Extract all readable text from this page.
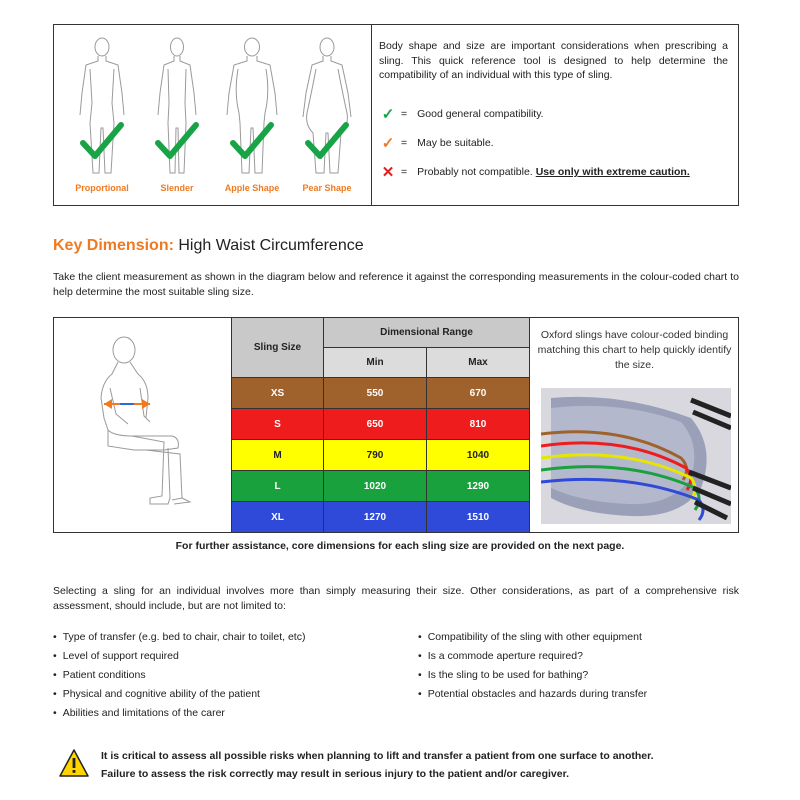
Proportional	Slender	Apple Shape	Pear Shape

Body shape and size are important considerations when prescribing a sling. This quick reference tool is designed to help determine the compatibility of an individual with this type of sling.

✓ = Good general compatibility.
✓ = May be suitable.
✕ = Probably not compatible. Use only with extreme caution.
Key Dimension: High Waist Circumference

Take the client measurement as shown in the diagram below and reference it against the corresponding measurements in the colour-coded chart to help determine the most suitable sling size.

Sling Size	Dimensional Range	
	Min	Max
XS	550	670
S	650	810
M	790	1040
L	1020	1290
XL	1270	1510

Oxford slings have colour-coded binding matching this chart to help quickly identify the size.

For further assistance, core dimensions for each sling size are provided on the next page.

Selecting a sling for an individual involves more than simply measuring their size. Other considerations, as part of a comprehensive risk assessment, should include, but are not limited to:

• Type of transfer (e.g. bed to chair, chair to toilet, etc)
• Level of support required
• Patient conditions
• Physical and cognitive ability of the patient
• Abilities and limitations of the carer
• Compatibility of the sling with other equipment
• Is a commode aperture required?
• Is the sling to be used for bathing?
• Potential obstacles and hazards during transfer
It is critical to assess all possible risks when planning to lift and transfer a patient from one surface to another.
Failure to assess the risk correctly may result in serious injury to the patient and/or caregiver.
